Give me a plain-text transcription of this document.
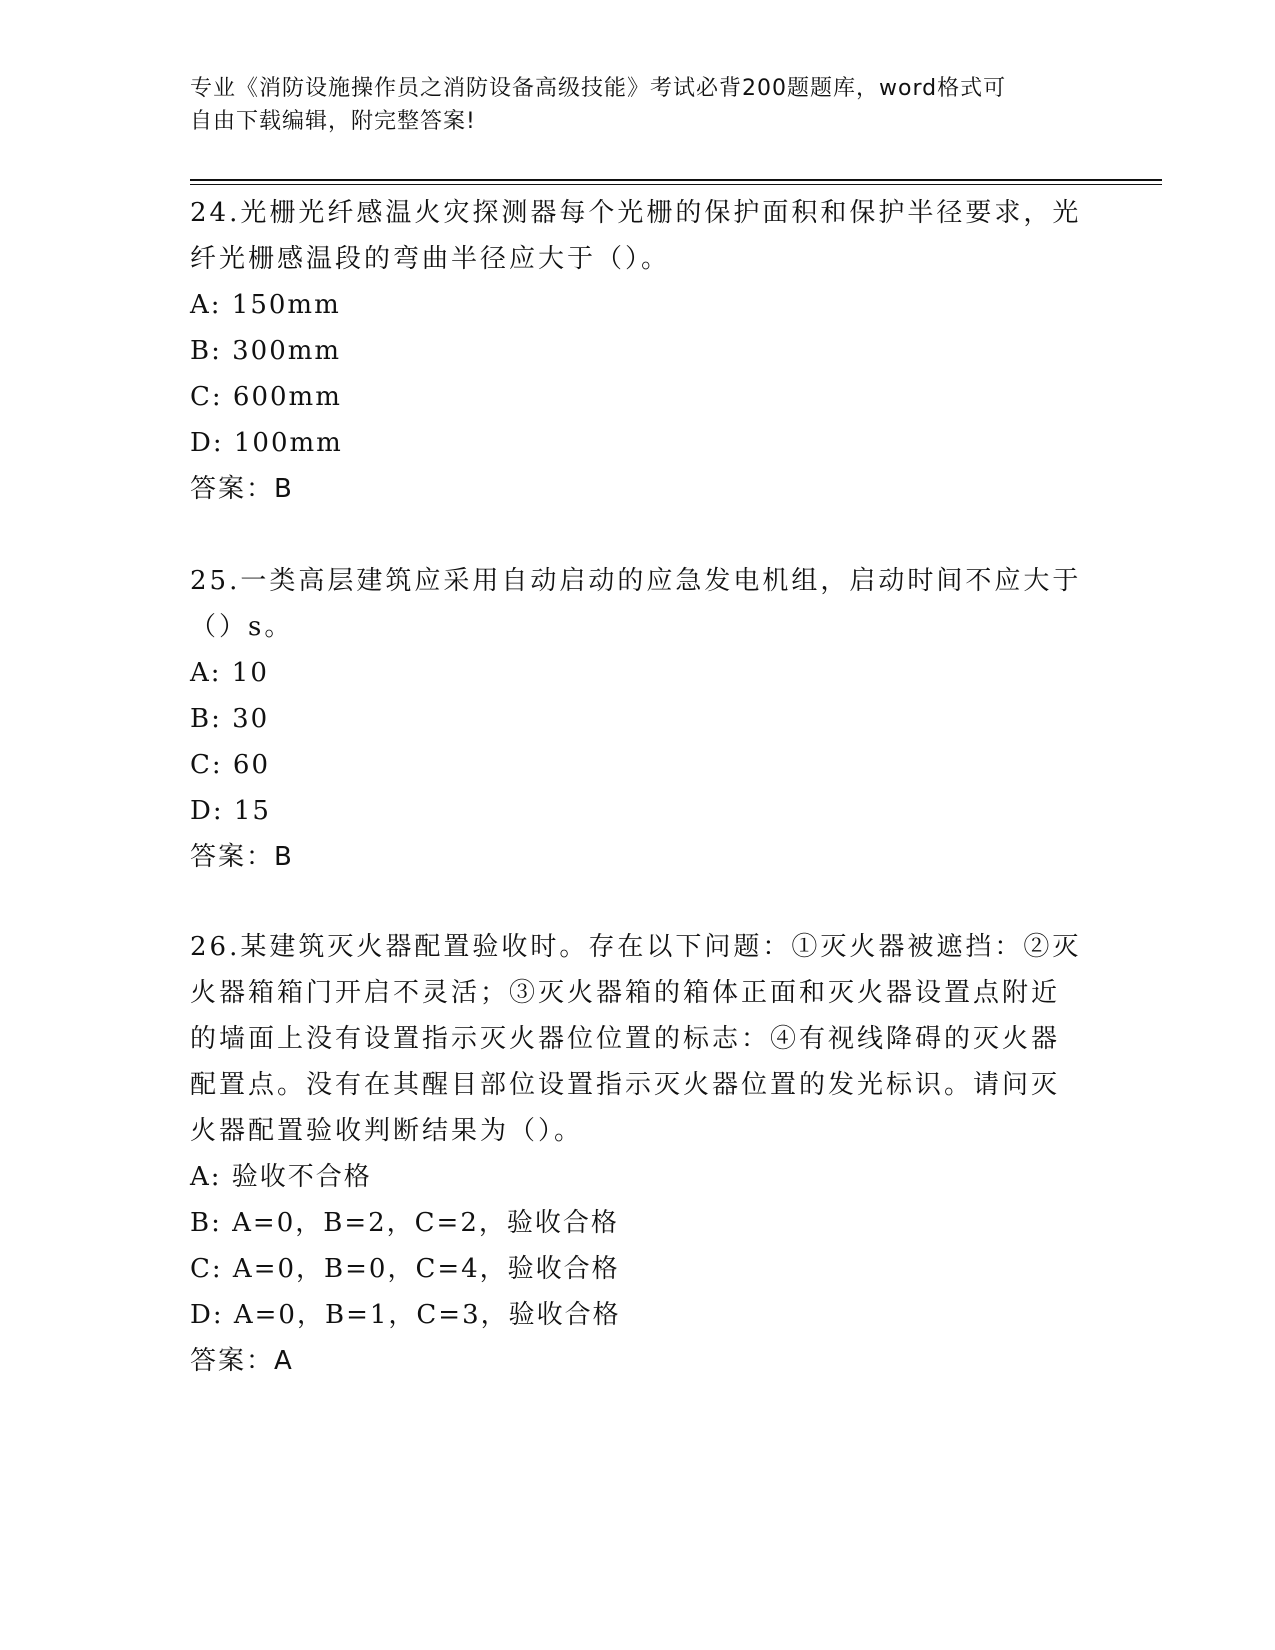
专业《消防设施操作员之消防设备高级技能》考试必背200题题库，word格式可
自由下载编辑，附完整答案!

24.光栅光纤感温火灾探测器每个光栅的保护面积和保护半径要求，光

纤光栅感温段的弯曲半径应大于（）。

A: 150mm

B: 300mm

C: 600mm

D: 100mm

答案：B

25.一类高层建筑应采用自动启动的应急发电机组，启动时间不应大于

（）s。

A: 10

B: 30

C: 60

D: 15

答案：B

26.某建筑灭火器配置验收时。存在以下问题：①灭火器被遮挡：②灭

火器箱箱门开启不灵活；③灭火器箱的箱体正面和灭火器设置点附近

的墙面上没有设置指示灭火器位位置的标志：④有视线降碍的灭火器

配置点。没有在其醒目部位设置指示灭火器位置的发光标识。请问灭

火器配置验收判断结果为（）。

A: 验收不合格

B: A=0，B=2，C=2，验收合格

C: A=0，B=0，C=4，验收合格

D: A=0，B=1，C=3，验收合格

答案：A
